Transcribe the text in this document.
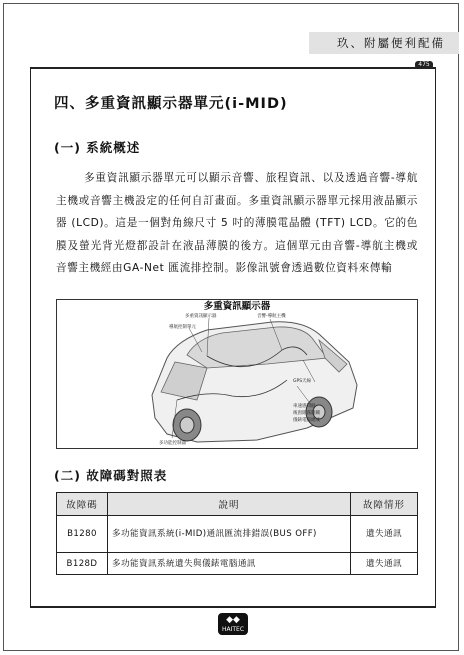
玖、附屬便利配備
475
四、多重資訊顯示器單元(i-MID)
(一) 系統概述
多重資訊顯示器單元可以顯示音響、旅程資訊、以及透過音響-導航主機或音響主機設定的任何自訂畫面。多重資訊顯示器單元採用液晶顯示器 (LCD)。這是一個對角線尺寸 5 吋的薄膜電晶體 (TFT) LCD。它的色膜及螢光背光燈都設計在液晶薄膜的後方。這個單元由音響-導航主機或音響主機經由GA-Net 匯流排控制。影像訊號會透過數位資料來傳輸
多重資訊顯示器
多重資訊顯示器	音響-導航主機
導航控制單元
GPS天線
車速感知器
後窗除霧開關
儀錶電腦總成
多功能控制器
(二) 故障碼對照表
故障碼	說明	故障情形
B1280	多功能資訊系統(i-MID)通訊匯流排錯誤(BUS OFF)	遺失通訊
B128D	多功能資訊系統遺失與儀錶電腦通訊	遺失通訊
◆◆
HAITEC
